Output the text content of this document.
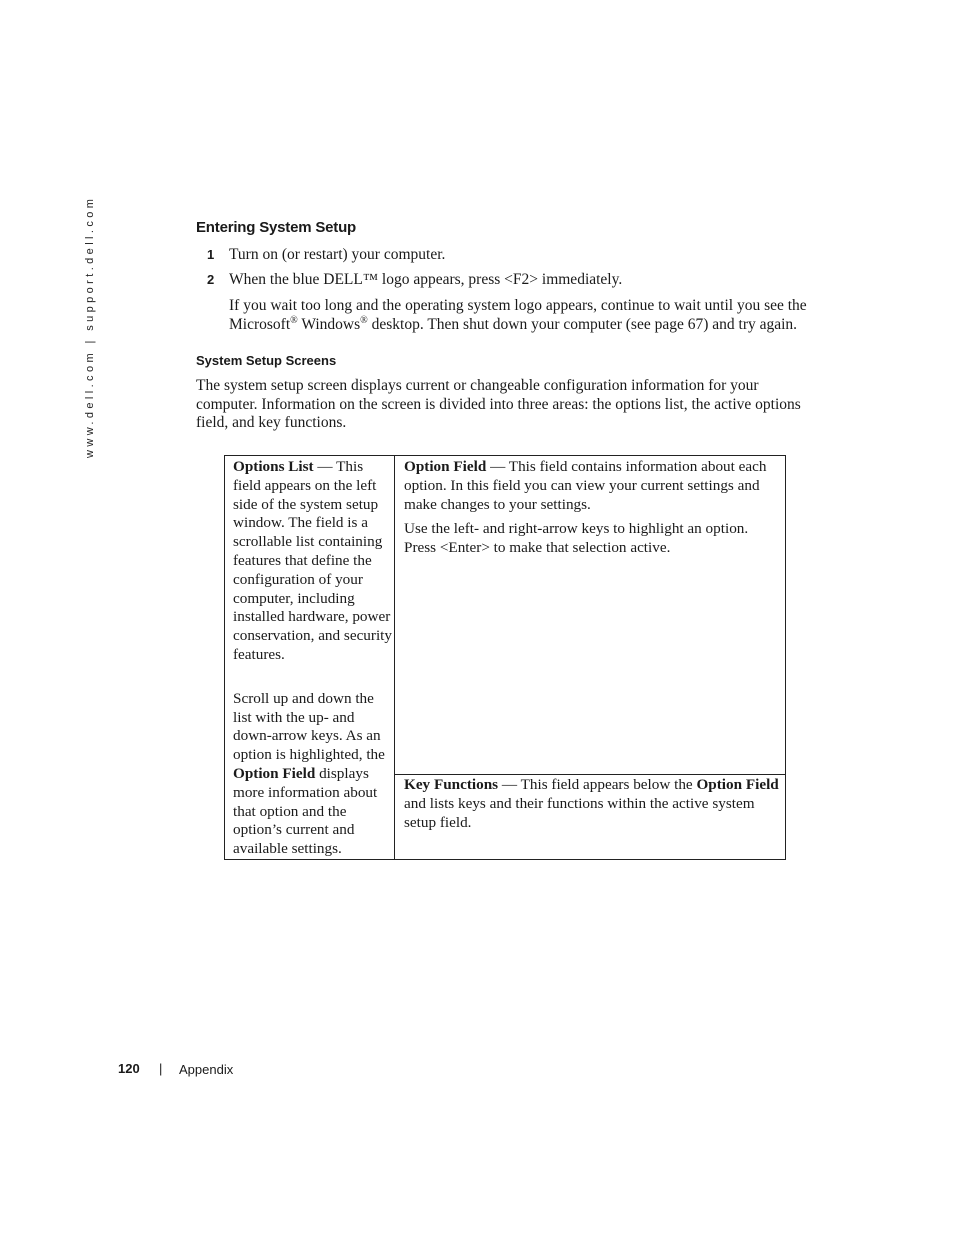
www.dell.com | support.dell.com	Entering System Setup
1 Turn on (or restart) your computer.
2 When the blue DELL™ logo appears, press <F2> immediately.
If you wait too long and the operating system logo appears, continue to wait until you see the Microsoft® Windows® desktop. Then shut down your computer (see page 67) and try again.
System Setup Screens

The system setup screen displays current or changeable configuration information for your computer. Information on the screen is divided into three areas: the options list, the active options field, and key functions.

Options List — This field appears on the left side of the system setup window. The field is a scrollable list containing features that define the configuration of your computer, including installed hardware, power conservation, and security features.

Scroll up and down the list with the up- and down-arrow keys. As an option is highlighted, the Option Field displays more information about that option and the option’s current and available settings.

Option Field — This field contains information about each option. In this field you can view your current settings and make changes to your settings.

Use the left- and right-arrow keys to highlight an option. Press <Enter> to make that selection active.

Key Functions — This field appears below the Option Field and lists keys and their functions within the active system setup field.

120 | Appendix
